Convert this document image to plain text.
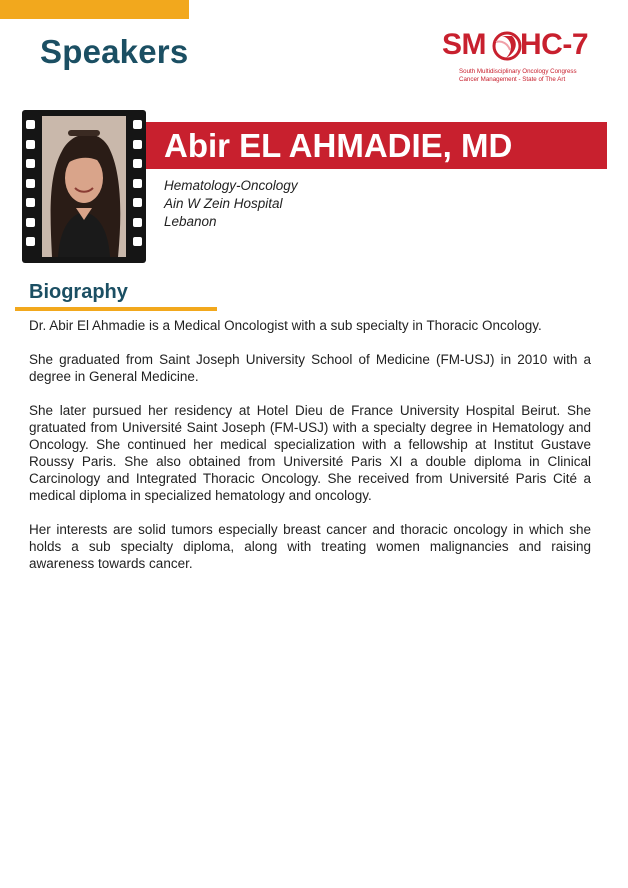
Speakers	SM HC-7
South Multidisciplinary Oncology Congress
Cancer Management - State of The Art
Abir EL AHMADIE, MD
Hematology-Oncology
Ain W Zein Hospital
Lebanon
Biography

Dr. Abir El Ahmadie is a Medical Oncologist with a sub specialty in Thoracic Oncology.

She graduated from Saint Joseph University School of Medicine (FM-USJ) in 2010 with a degree in General Medicine.

She later pursued her residency at Hotel Dieu de France University Hospital Beirut. She gratuated from Université Saint Joseph (FM-USJ) with a specialty degree in Hematology and Oncology. She continued her medical specialization with a fellowship at Institut Gustave Roussy Paris. She also obtained from Université Paris XI a double diploma in Clinical Carcinology and Integrated Thoracic Oncology. She received from Université Paris Cité a medical diploma in specialized hematology and oncology.

Her interests are solid tumors especially breast cancer and thoracic oncology in which she holds a sub specialty diploma, along with treating women malignancies and raising awareness towards cancer.
